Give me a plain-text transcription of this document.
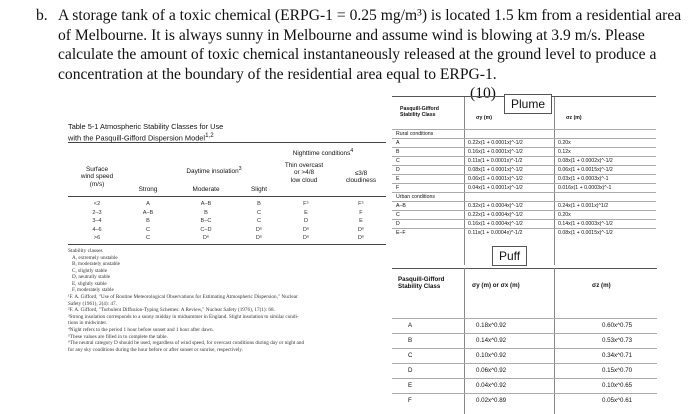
b. A storage tank of a toxic chemical (ERPG-1 = 0.25 mg/m³) is located 1.5 km from a residential area of Melbourne. It is always sunny in Melbourne and assume wind is blowing at 3.9 m/s. Please calculate the amount of toxic chemical instantaneously released at the ground level to produce a concentration at the boundary of the residential area equal to ERPG-1.

(10)
Table 5-1 Atmospheric Stability Classes for Use
with the Pasquill-Gifford Dispersion Model$^{1,2}$
Nighttime conditions$^4$
Daytime insolation$^3$
Surface
wind speed
(m/s)
Thin overcast
or >4/8
low cloud
≤3/8
cloudiness
Strong	Moderate	Slight
<2	A	A–B	B	F⁵	F⁵
2–3	A–B	B	C	E	F
3–4	B	B–C	C	D	E
4–6	C	C–D	D⁶	D⁶	D⁶
>6	C	D⁶	D⁶	D⁶	D⁶
Stability classes
A, extremely unstable
B, moderately unstable
C, slightly stable
D, neutrally stable
E, slightly stable
F, moderately stable
¹F. A. Gifford, "Use of Routine Meteorological Observations for Estimating Atmospheric Dispersion," Nuclear
Safety (1961), 2(4): 47.
²F. A. Gifford, "Turbulent Diffusion-Typing Schemes: A Review," Nuclear Safety (1976), 17(1): 68.
³Strong insolation corresponds to a sunny midday in midsummer in England. Slight insolation to similar condi-
tions in midwinter.
⁴Night refers to the period 1 hour before sunset and 1 hour after dawn.
⁵These values are filled in to complete the table.
⁶The neutral category D should be used, regardless of wind speed, for overcast conditions during day or night and
for any sky conditions during the hour before or after sunset or sunrise, respectively.
Pasquill-Gifford
Stability Class	σy (m)	σz (m)
Plume
Rural conditions
A	0.22x(1 + 0.0001x)^-1/2	0.20x
B	0.16x(1 + 0.0001x)^-1/2	0.12x
C	0.11x(1 + 0.0001x)^-1/2	0.08x(1 + 0.0002x)^-1/2
D	0.08x(1 + 0.0001x)^-1/2	0.06x(1 + 0.0015x)^-1/2
E	0.06x(1 + 0.0001x)^-1/2	0.03x(1 + 0.0003x)^-1
F	0.04x(1 + 0.0001x)^-1/2	0.016x(1 + 0.0003x)^-1
Urban conditions
A–B	0.32x(1 + 0.0004x)^-1/2	0.24x(1 + 0.001x)^1/2
C	0.22x(1 + 0.0004x)^-1/2	0.20x
D	0.16x(1 + 0.0004x)^-1/2	0.14x(1 + 0.0003x)^-1/2
E–F	0.11x(1 + 0.0004x)^-1/2	0.08x(1 + 0.0015x)^-1/2
Puff
Pasquill-Gifford
Stability Class	σy (m) or σx (m)	σz (m)
A	0.18x^0.92	0.60x^0.75
B	0.14x^0.92	0.53x^0.73
C	0.10x^0.92	0.34x^0.71
D	0.06x^0.92	0.15x^0.70
E	0.04x^0.92	0.10x^0.65
F	0.02x^0.89	0.05x^0.61
